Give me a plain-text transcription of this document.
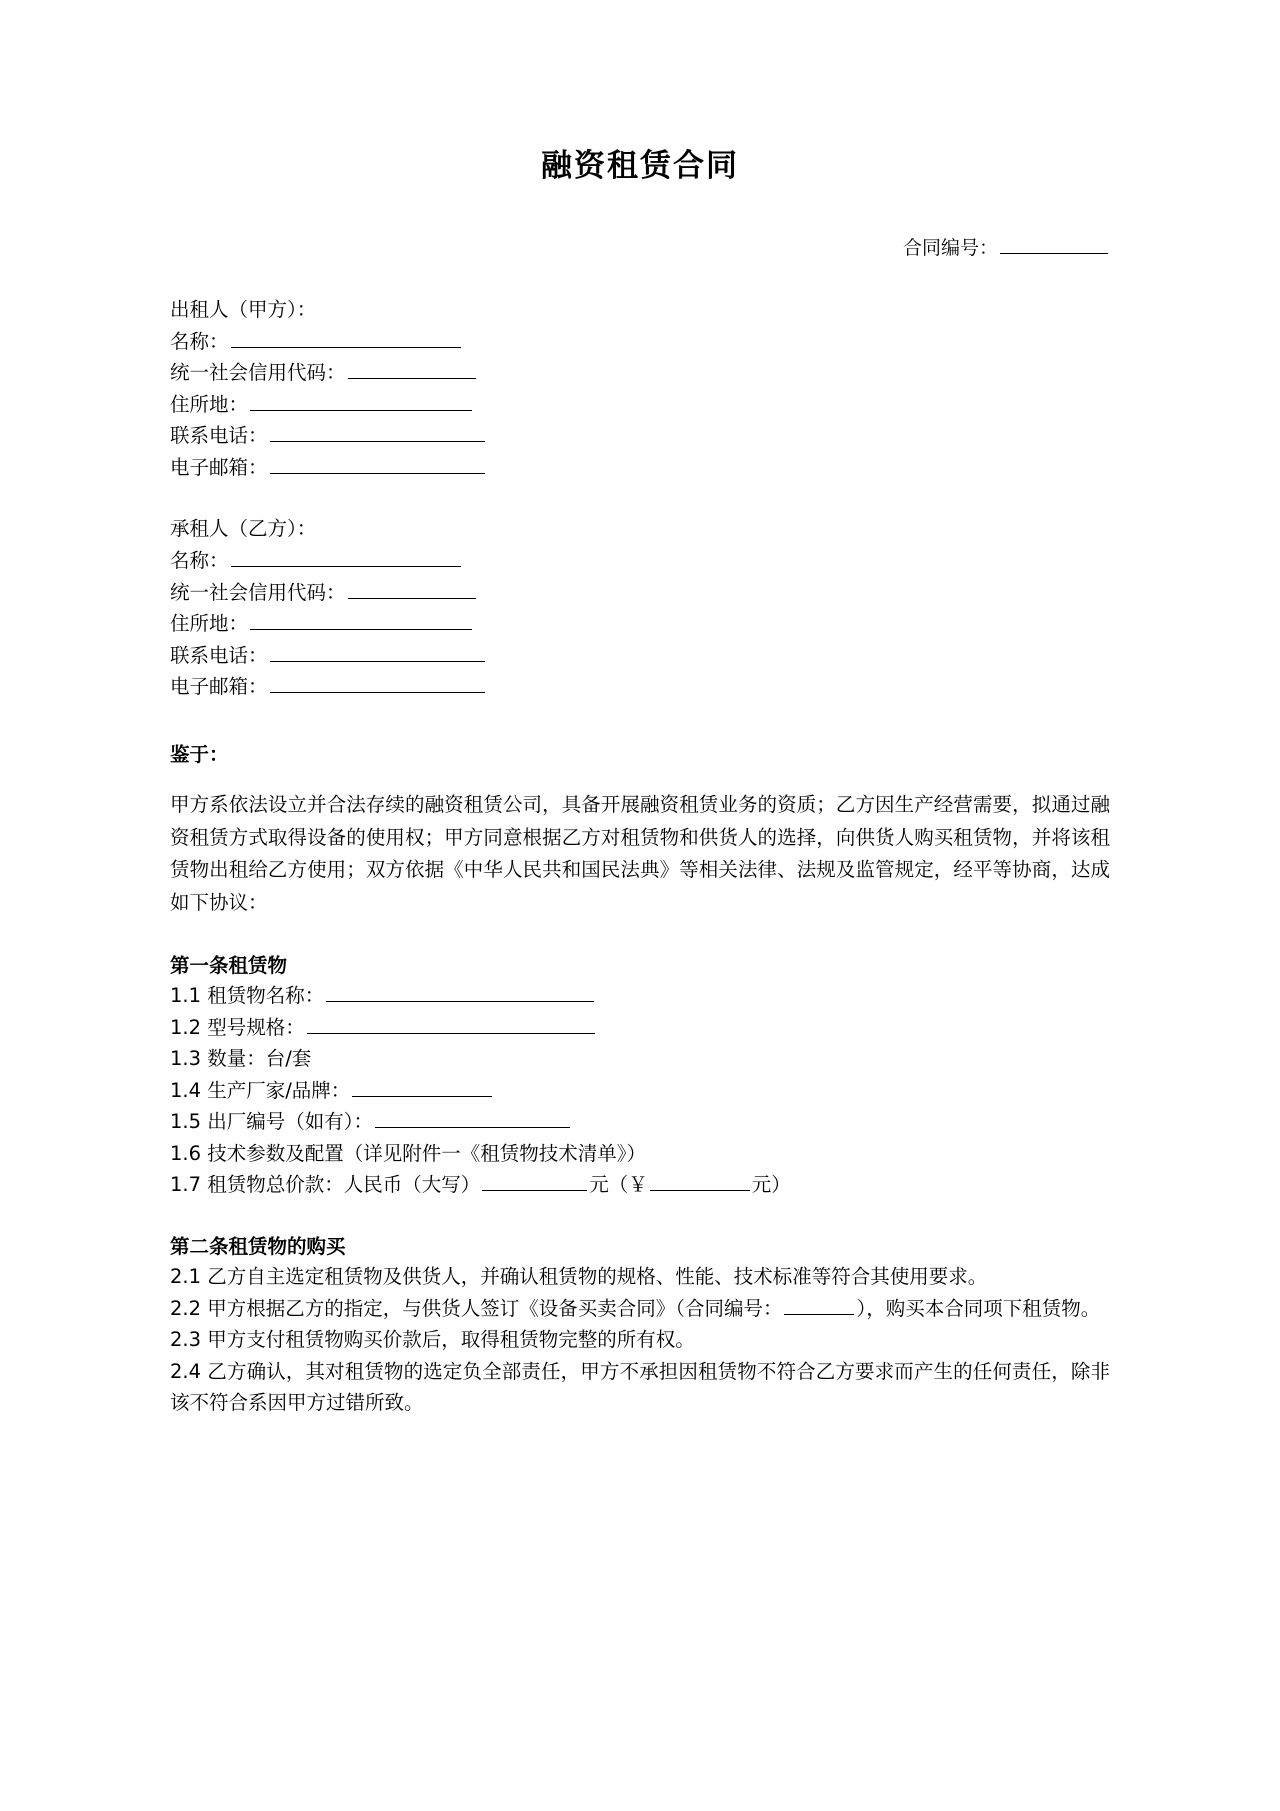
融资租赁合同
合同编号：
出租人（甲方）：
名称：
统一社会信用代码：
住所地：
联系电话：
电子邮箱：
承租人（乙方）：
名称：
统一社会信用代码：
住所地：
联系电话：
电子邮箱：
鉴于：
甲方系依法设立并合法存续的融资租赁公司，具备开展融资租赁业务的资质；乙方因生产经营需要，拟通过融资租赁方式取得设备的使用权；甲方同意根据乙方对租赁物和供货人的选择，向供货人购买租赁物，并将该租赁物出租给乙方使用；双方依据《中华人民共和国民法典》等相关法律、法规及监管规定，经平等协商，达成如下协议：
第一条租赁物
1.1 租赁物名称：
1.2 型号规格：
1.3 数量：台/套
1.4 生产厂家/品牌：
1.5 出厂编号（如有）：
1.6 技术参数及配置（详见附件一《租赁物技术清单》）
1.7 租赁物总价款：人民币（大写）	元（￥	元）
第二条租赁物的购买
2.1 乙方自主选定租赁物及供货人，并确认租赁物的规格、性能、技术标准等符合其使用要求。
2.2 甲方根据乙方的指定，与供货人签订《设备买卖合同》（合同编号：	），购买本合同项下租赁物。
2.3 甲方支付租赁物购买价款后，取得租赁物完整的所有权。
2.4 乙方确认，其对租赁物的选定负全部责任，甲方不承担因租赁物不符合乙方要求而产生的任何责任，除非该不符合系因甲方过错所致。
